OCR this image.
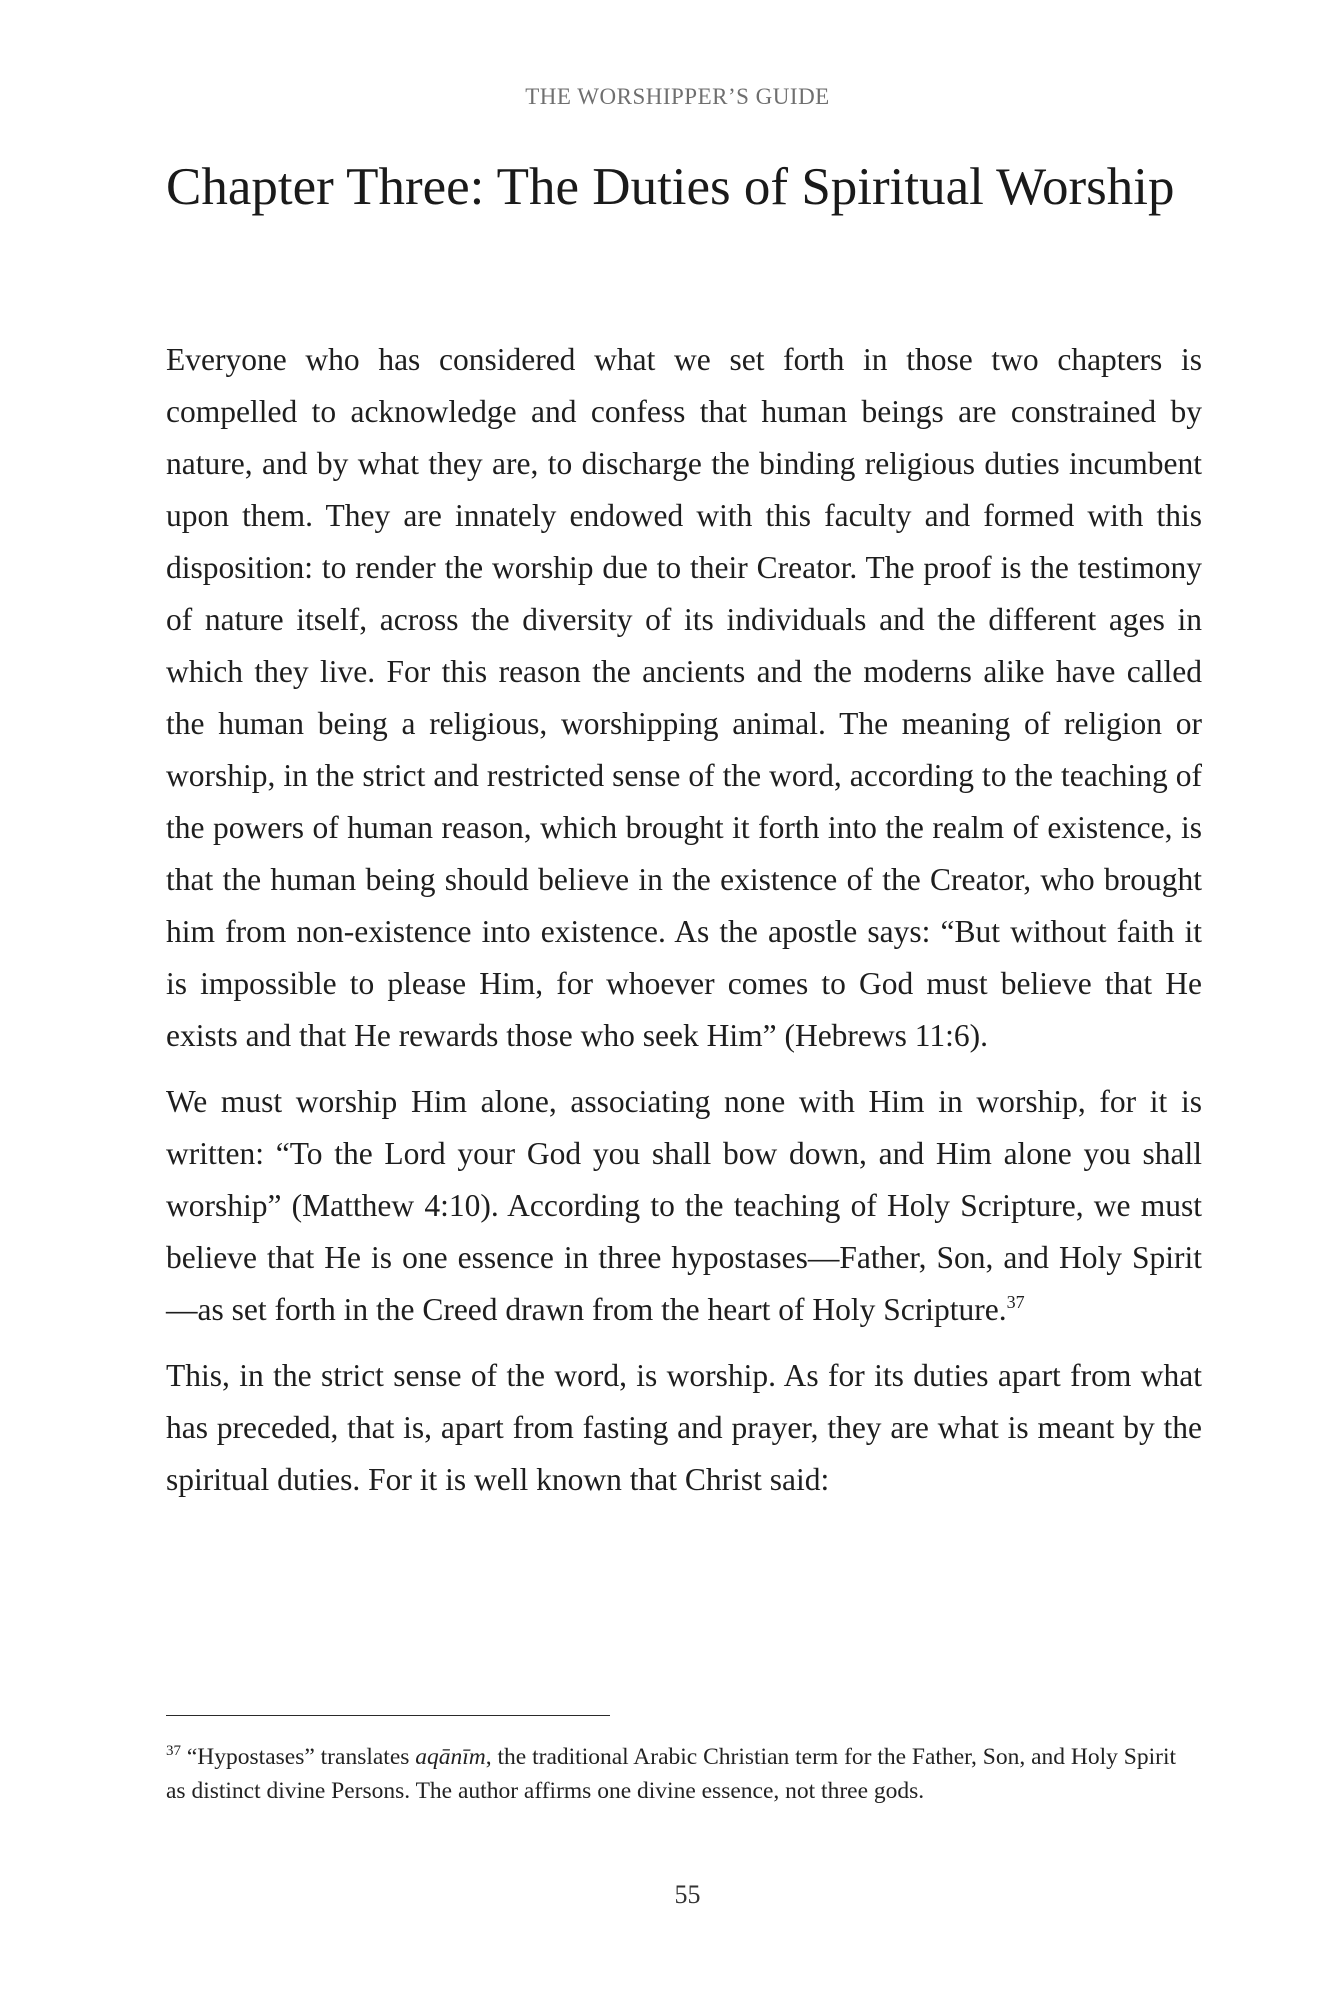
THE WORSHIPPER’S GUIDE
Chapter Three: The Duties of Spiritual Worship

Everyone who has considered what we set forth in those two chapters is compelled to acknowledge and confess that human beings are constrained by nature, and by what they are, to discharge the binding religious duties incumbent upon them. They are innately endowed with this faculty and formed with this disposition: to render the worship due to their Creator. The proof is the testimony of nature itself, across the diversity of its individuals and the different ages in which they live. For this reason the ancients and the moderns alike have called the human being a religious, worshipping animal. The meaning of religion or worship, in the strict and restricted sense of the word, according to the teaching of the powers of human reason, which brought it forth into the realm of existence, is that the human being should believe in the existence of the Creator, who brought him from non-existence into existence. As the apostle says: “But without faith it is impossible to please Him, for whoever comes to God must believe that He exists and that He rewards those who seek Him” (Hebrews 11:6).

We must worship Him alone, associating none with Him in worship, for it is written: “To the Lord your God you shall bow down, and Him alone you shall worship” (Matthew 4:10). According to the teaching of Holy Scripture, we must believe that He is one essence in three hypostases—Father, Son, and Holy Spirit—as set forth in the Creed drawn from the heart of Holy Scripture.$^{37}$

This, in the strict sense of the word, is worship. As for its duties apart from what has preceded, that is, apart from fasting and prayer, they are what is meant by the spiritual duties. For it is well known that Christ said:

$^{37}$ “Hypostases” translates aqānīm, the traditional Arabic Christian term for the Father, Son, and Holy Spirit as distinct divine Persons. The author affirms one divine essence, not three gods.
55
